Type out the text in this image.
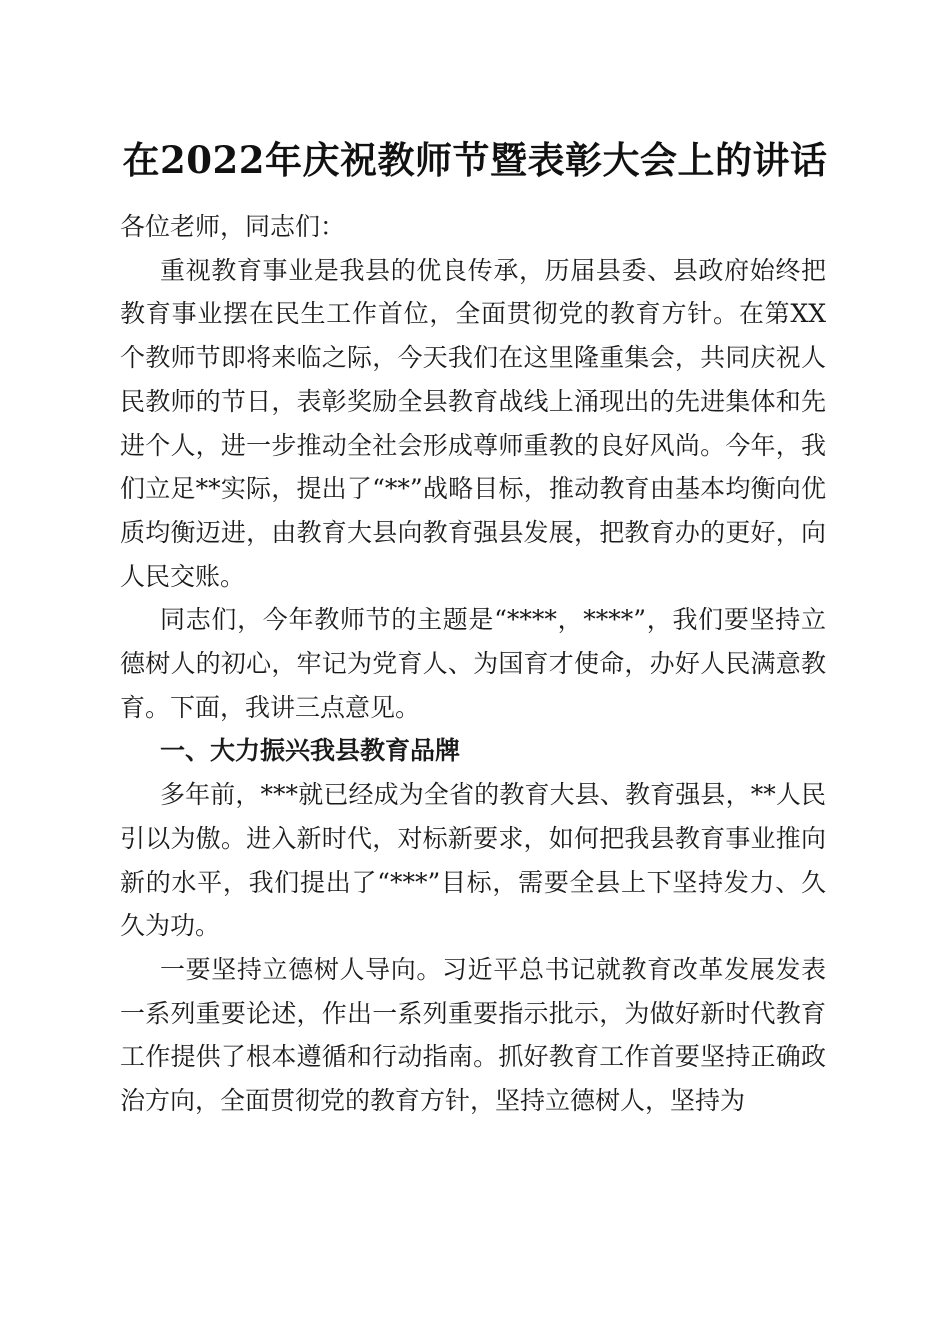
在2022年庆祝教师节暨表彰大会上的讲话

各位老师，同志们：

重视教育事业是我县的优良传承，历届县委、县政府始终把教育事业摆在民生工作首位，全面贯彻党的教育方针。在第XX个教师节即将来临之际，今天我们在这里隆重集会，共同庆祝人民教师的节日，表彰奖励全县教育战线上涌现出的先进集体和先进个人，进一步推动全社会形成尊师重教的良好风尚。今年，我们立足**实际，提出了“**”战略目标，推动教育由基本均衡向优质均衡迈进，由教育大县向教育强县发展，把教育办的更好，向人民交账。

同志们，今年教师节的主题是“****，****”，我们要坚持立德树人的初心，牢记为党育人、为国育才使命，办好人民满意教育。下面，我讲三点意见。

一、大力振兴我县教育品牌

多年前，***就已经成为全省的教育大县、教育强县，**人民引以为傲。进入新时代，对标新要求，如何把我县教育事业推向新的水平，我们提出了“***”目标，需要全县上下坚持发力、久久为功。

一要坚持立德树人导向。习近平总书记就教育改革发展发表一系列重要论述，作出一系列重要指示批示，为做好新时代教育工作提供了根本遵循和行动指南。抓好教育工作首要坚持正确政治方向，全面贯彻党的教育方针，坚持立德树人，坚持为
